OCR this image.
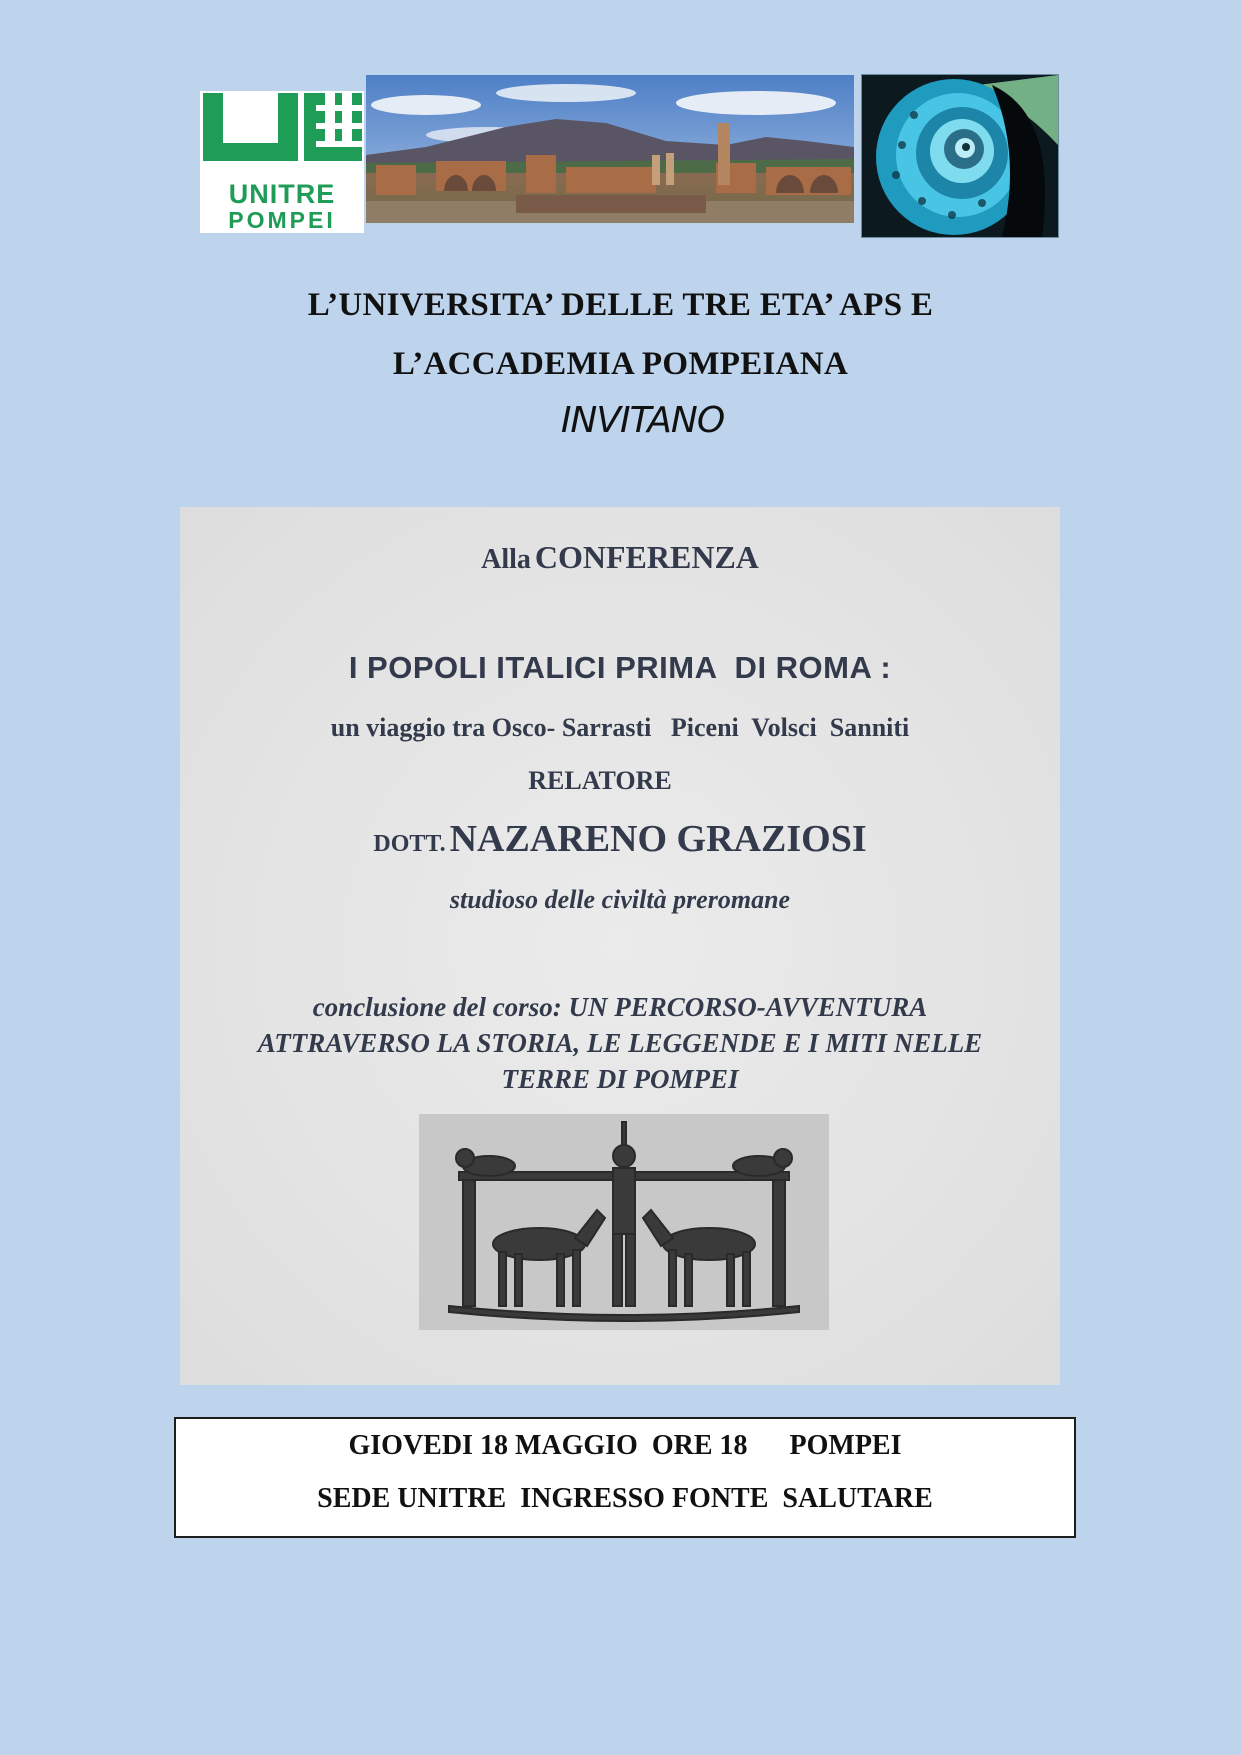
UNITRE
POMPEI
L’UNIVERSITA’ DELLE TRE ETA’ APS E
L’ACCADEMIA POMPEIANA
INVITANO
Alla CONFERENZA
I POPOLI ITALICI PRIMA  DI ROMA :
un viaggio tra Osco- Sarrasti   Piceni  Volsci  Sanniti
RELATORE
DOTT. NAZARENO GRAZIOSI
studioso delle civiltà preromane
conclusione del corso: UN PERCORSO-AVVENTURA
ATTRAVERSO LA STORIA, LE LEGGENDE E I MITI NELLE
TERRE DI POMPEI
GIOVEDI 18 MAGGIO  ORE 18      POMPEI
SEDE UNITRE  INGRESSO FONTE  SALUTARE
